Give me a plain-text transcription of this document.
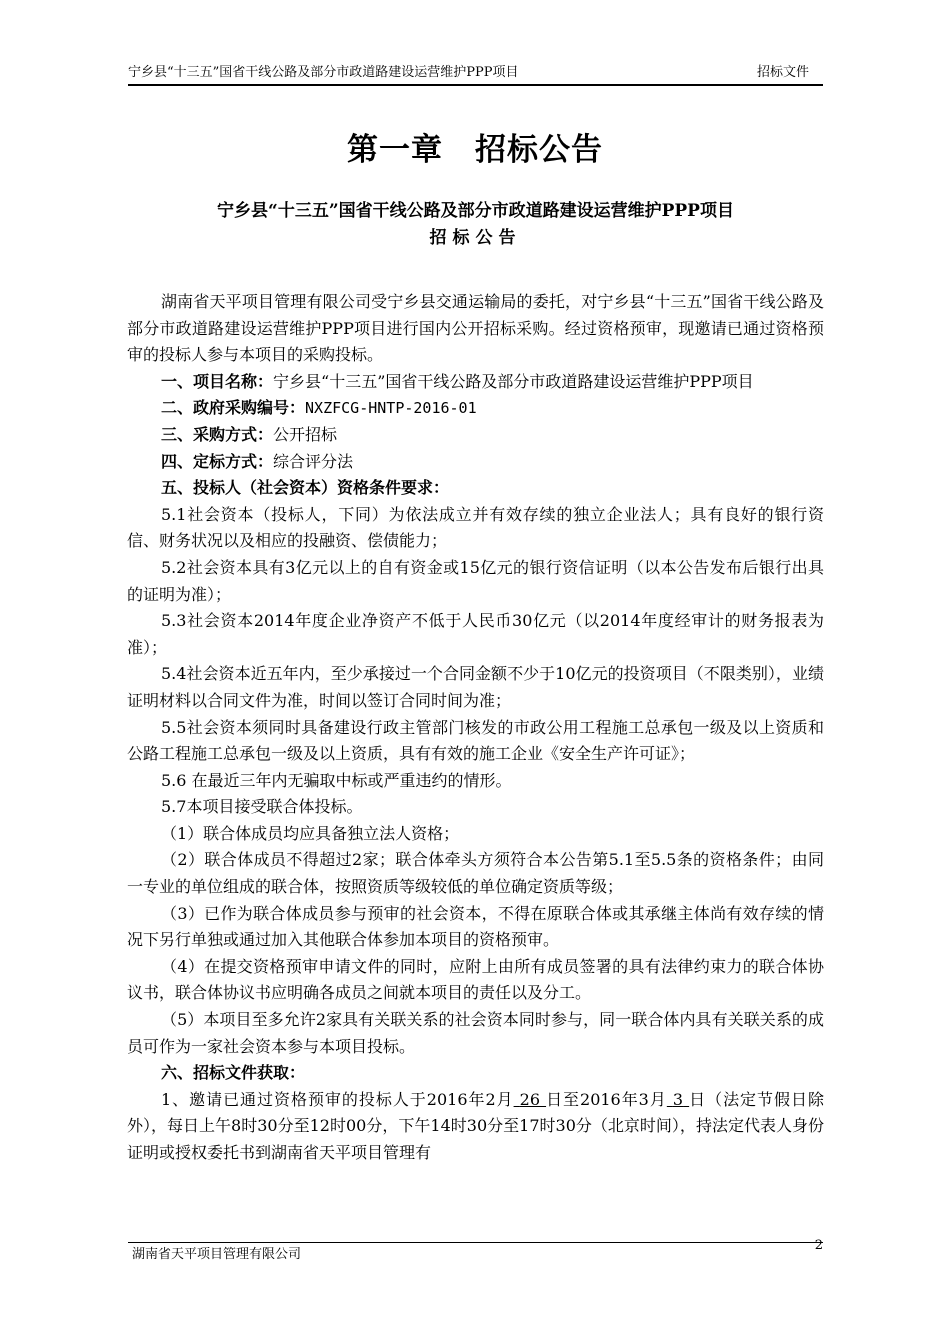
宁乡县“十三五”国省干线公路及部分市政道路建设运营维护PPP项目	招标文件
第一章　招标公告
宁乡县“十三五”国省干线公路及部分市政道路建设运营维护PPP项目
招标公告

湖南省天平项目管理有限公司受宁乡县交通运输局的委托，对宁乡县“十三五”国省干线公路及部分市政道路建设运营维护PPP项目进行国内公开招标采购。经过资格预审，现邀请已通过资格预审的投标人参与本项目的采购投标。

一、项目名称：宁乡县“十三五”国省干线公路及部分市政道路建设运营维护PPP项目

二、政府采购编号：NXZFCG-HNTP-2016-01

三、采购方式：公开招标

四、定标方式：综合评分法

五、投标人（社会资本）资格条件要求：

5.1社会资本（投标人，下同）为依法成立并有效存续的独立企业法人；具有良好的银行资信、财务状况以及相应的投融资、偿债能力；

5.2社会资本具有3亿元以上的自有资金或15亿元的银行资信证明（以本公告发布后银行出具的证明为准）；

5.3社会资本2014年度企业净资产不低于人民币30亿元（以2014年度经审计的财务报表为准）；

5.4社会资本近五年内，至少承接过一个合同金额不少于10亿元的投资项目（不限类别），业绩证明材料以合同文件为准，时间以签订合同时间为准；

5.5社会资本须同时具备建设行政主管部门核发的市政公用工程施工总承包一级及以上资质和公路工程施工总承包一级及以上资质，具有有效的施工企业《安全生产许可证》；

5.6 在最近三年内无骗取中标或严重违约的情形。

5.7本项目接受联合体投标。

（1）联合体成员均应具备独立法人资格；

（2）联合体成员不得超过2家；联合体牵头方须符合本公告第5.1至5.5条的资格条件；由同一专业的单位组成的联合体，按照资质等级较低的单位确定资质等级；

（3）已作为联合体成员参与预审的社会资本，不得在原联合体或其承继主体尚有效存续的情况下另行单独或通过加入其他联合体参加本项目的资格预审。

（4）在提交资格预审申请文件的同时，应附上由所有成员签署的具有法律约束力的联合体协议书，联合体协议书应明确各成员之间就本项目的责任以及分工。

（5）本项目至多允许2家具有关联关系的社会资本同时参与，同一联合体内具有关联关系的成员可作为一家社会资本参与本项目投标。

六、招标文件获取：

1、邀请已通过资格预审的投标人于2016年2月 26 日至2016年3月 3 日（法定节假日除外），每日上午8时30分至12时00分，下午14时30分至17时30分（北京时间），持法定代表人身份证明或授权委托书到湖南省天平项目管理有

湖南省天平项目管理有限公司
2
